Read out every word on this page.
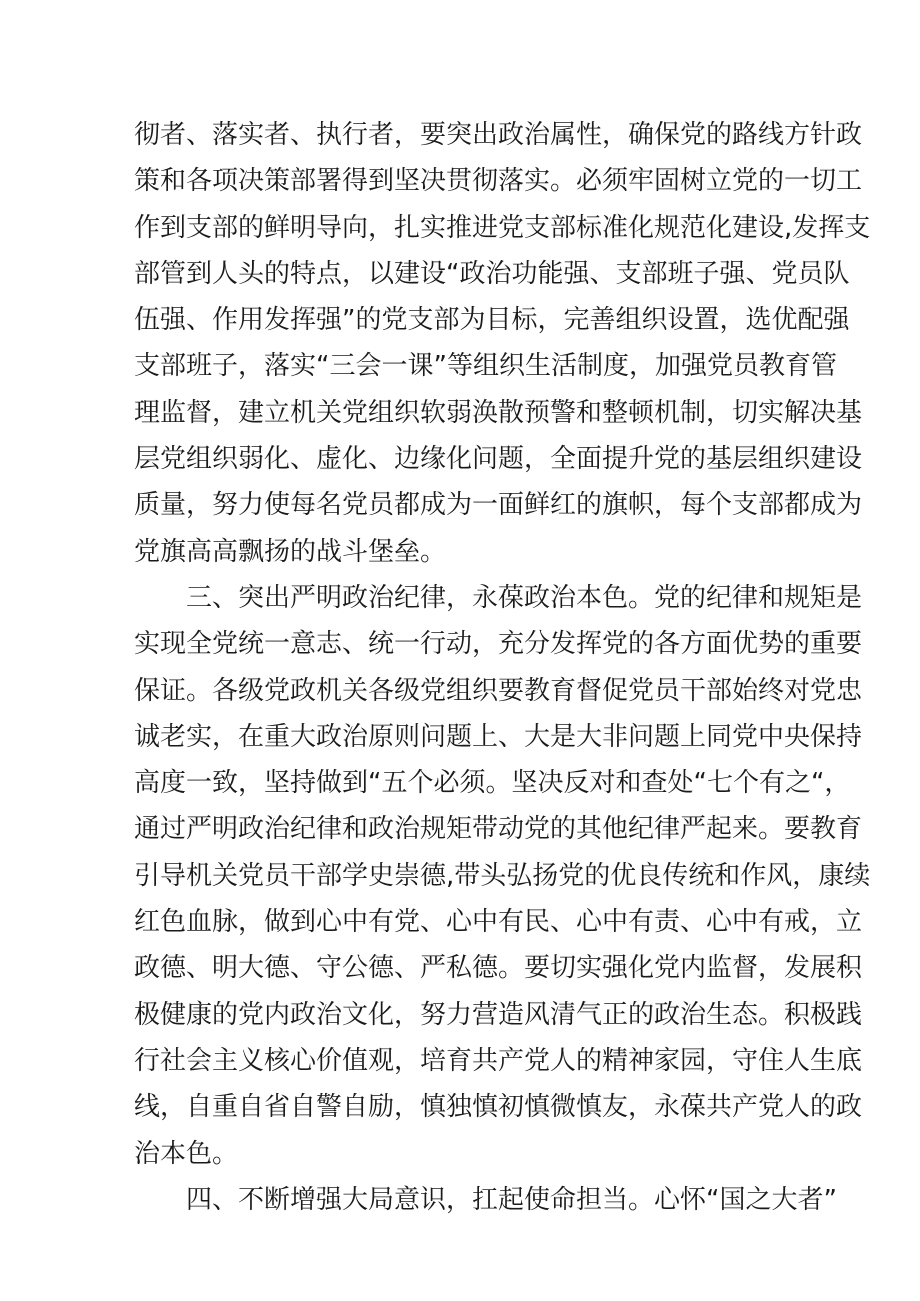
彻者、落实者、执行者，要突出政治属性，确保党的路线方针政
策和各项决策部署得到坚决贯彻落实。必须牢固树立党的一切工
作到支部的鲜明导向，扎实推进党支部标准化规范化建设,发挥支
部管到人头的特点，以建设“政治功能强、支部班子强、党员队
伍强、作用发挥强”的党支部为目标，完善组织设置，选优配强
支部班子，落实“三会一课”等组织生活制度，加强党员教育管
理监督，建立机关党组织软弱涣散预警和整顿机制，切实解决基
层党组织弱化、虚化、边缘化问题，全面提升党的基层组织建设
质量，努力使每名党员都成为一面鲜红的旗帜，每个支部都成为
党旗高高飘扬的战斗堡垒。
三、突出严明政治纪律，永葆政治本色。党的纪律和规矩是
实现全党统一意志、统一行动，充分发挥党的各方面优势的重要
保证。各级党政机关各级党组织要教育督促党员干部始终对党忠
诚老实，在重大政治原则问题上、大是大非问题上同党中央保持
高度一致，坚持做到“五个必须。坚决反对和查处“七个有之“，
通过严明政治纪律和政治规矩带动党的其他纪律严起来。要教育
引导机关党员干部学史崇德,带头弘扬党的优良传统和作风，康续
红色血脉，做到心中有党、心中有民、心中有责、心中有戒，立
政德、明大德、守公德、严私德。要切实强化党内监督，发展积
极健康的党内政治文化，努力营造风清气正的政治生态。积极践
行社会主义核心价值观，培育共产党人的精神家园，守住人生底
线，自重自省自警自励，慎独慎初慎微慎友，永葆共产党人的政
治本色。
四、不断增强大局意识，扛起使命担当。心怀“国之大者”
